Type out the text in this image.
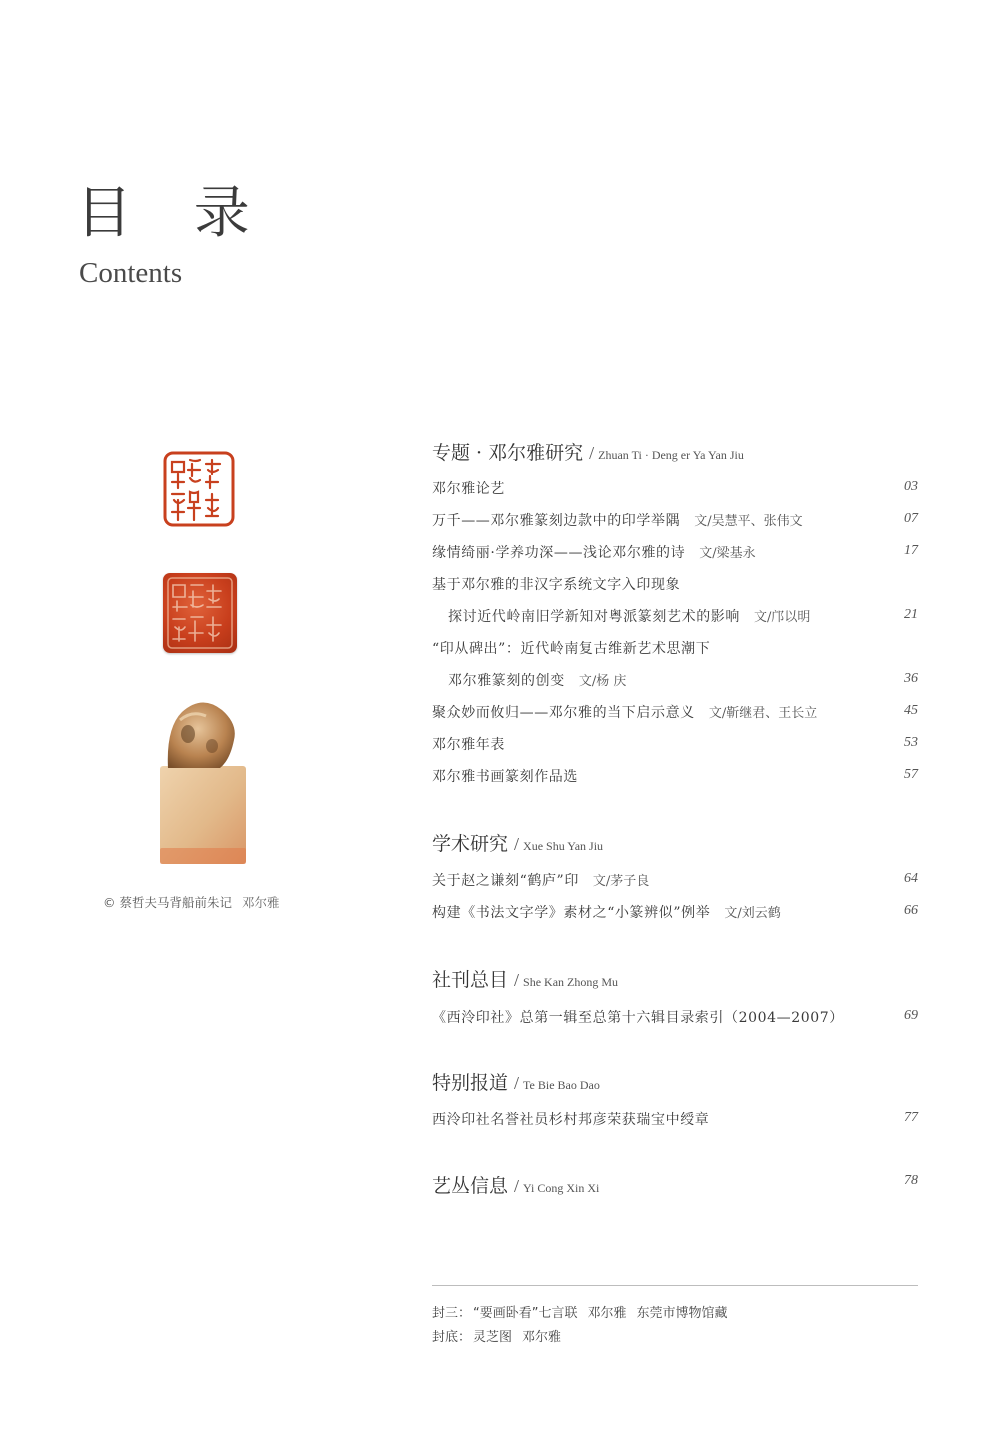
目 录
Contents
© 蔡哲夫马背船前朱记 邓尔雅
专题 · 邓尔雅研究 / Zhuan Ti · Deng er Ya Yan Jiu
邓尔雅论艺	03
万千——邓尔雅篆刻边款中的印学举隅 文/吴慧平、张伟文	07
缘情绮丽·学养功深——浅论邓尔雅的诗 文/梁基永	17
基于邓尔雅的非汉字系统文字入印现象
探讨近代岭南旧学新知对粤派篆刻艺术的影响 文/邝以明	21
“印从碑出”：近代岭南复古维新艺术思潮下
邓尔雅篆刻的创变 文/杨 庆	36
聚众妙而攸归——邓尔雅的当下启示意义 文/靳继君、王长立	45
邓尔雅年表	53
邓尔雅书画篆刻作品选	57
学术研究 / Xue Shu Yan Jiu
关于赵之谦刻“鹤庐”印 文/茅子良	64
构建《书法文字学》素材之“小篆辨似”例举 文/刘云鹤	66
社刊总目 / She Kan Zhong Mu
《西泠印社》总第一辑至总第十六辑目录索引（2004—2007）	69
特别报道 / Te Bie Bao Dao
西泠印社名誉社员杉村邦彦荣获瑞宝中绶章	77
艺丛信息 / Yi Cong Xin Xi	78
封三： “要画卧看”七言联 邓尔雅 东莞市博物馆藏
封底： 灵芝图 邓尔雅
